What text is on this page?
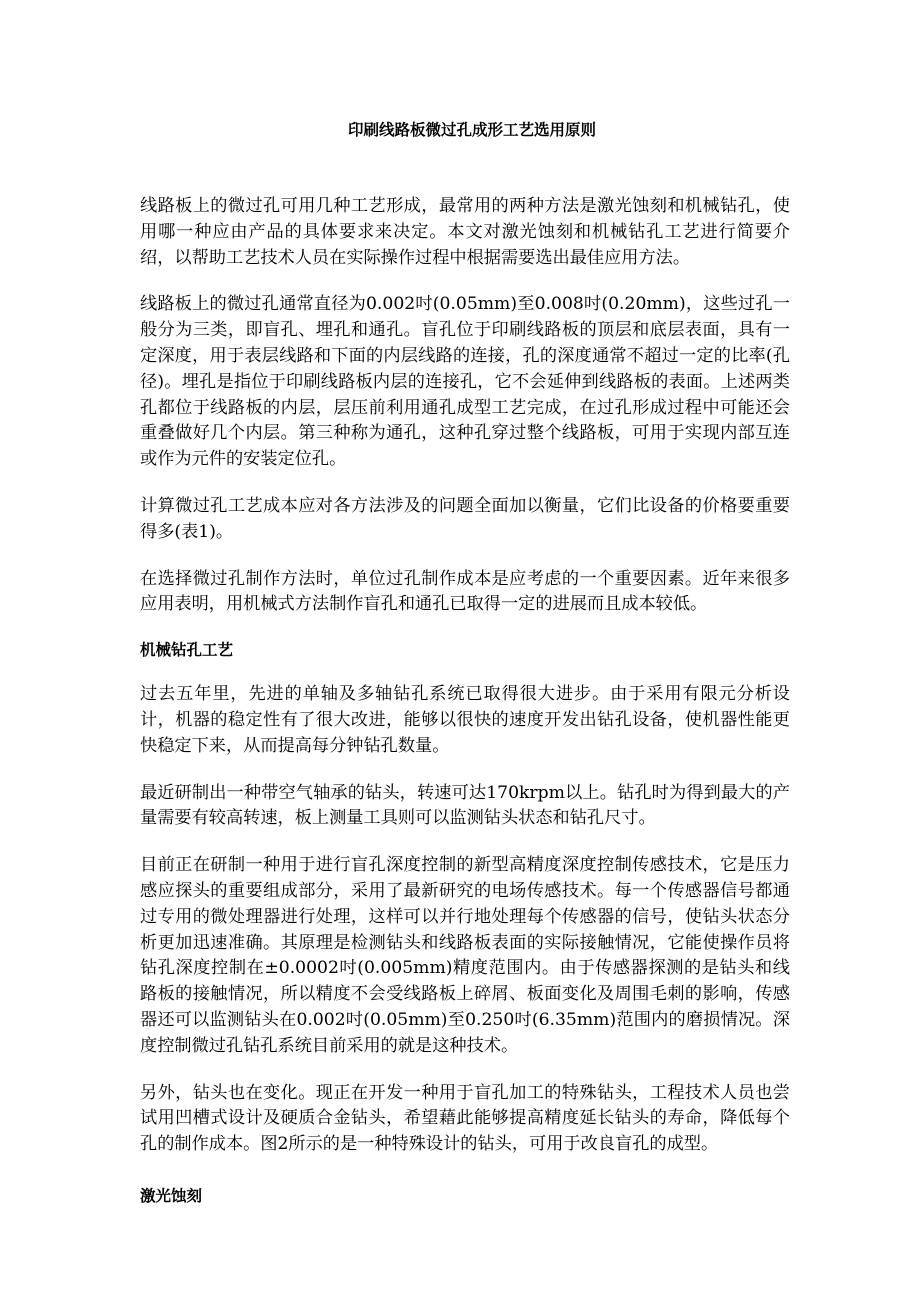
印刷线路板微过孔成形工艺选用原则

线路板上的微过孔可用几种工艺形成，最常用的两种方法是激光蚀刻和机械钻孔，使用哪一种应由产品的具体要求来决定。本文对激光蚀刻和机械钻孔工艺进行简要介绍，以帮助工艺技术人员在实际操作过程中根据需要选出最佳应用方法。

线路板上的微过孔通常直径为0.002吋(0.05mm)至0.008吋(0.20mm)，这些过孔一般分为三类，即盲孔、埋孔和通孔。盲孔位于印刷线路板的顶层和底层表面，具有一定深度，用于表层线路和下面的内层线路的连接，孔的深度通常不超过一定的比率(孔径)。埋孔是指位于印刷线路板内层的连接孔，它不会延伸到线路板的表面。上述两类孔都位于线路板的内层，层压前利用通孔成型工艺完成，在过孔形成过程中可能还会重叠做好几个内层。第三种称为通孔，这种孔穿过整个线路板，可用于实现内部互连或作为元件的安装定位孔。

计算微过孔工艺成本应对各方法涉及的问题全面加以衡量，它们比设备的价格要重要得多(表1)。

在选择微过孔制作方法时，单位过孔制作成本是应考虑的一个重要因素。近年来很多应用表明，用机械式方法制作盲孔和通孔已取得一定的进展而且成本较低。

机械钻孔工艺

过去五年里，先进的单轴及多轴钻孔系统已取得很大进步。由于采用有限元分析设计，机器的稳定性有了很大改进，能够以很快的速度开发出钻孔设备，使机器性能更快稳定下来，从而提高每分钟钻孔数量。

最近研制出一种带空气轴承的钻头，转速可达170krpm以上。钻孔时为得到最大的产量需要有较高转速，板上测量工具则可以监测钻头状态和钻孔尺寸。

目前正在研制一种用于进行盲孔深度控制的新型高精度深度控制传感技术，它是压力感应探头的重要组成部分，采用了最新研究的电场传感技术。每一个传感器信号都通过专用的微处理器进行处理，这样可以并行地处理每个传感器的信号，使钻头状态分析更加迅速准确。其原理是检测钻头和线路板表面的实际接触情况，它能使操作员将钻孔深度控制在±0.0002吋(0.005mm)精度范围内。由于传感器探测的是钻头和线路板的接触情况，所以精度不会受线路板上碎屑、板面变化及周围毛刺的影响，传感器还可以监测钻头在0.002吋(0.05mm)至0.250吋(6.35mm)范围内的磨损情况。深度控制微过孔钻孔系统目前采用的就是这种技术。

另外，钻头也在变化。现正在开发一种用于盲孔加工的特殊钻头，工程技术人员也尝试用凹槽式设计及硬质合金钻头，希望藉此能够提高精度延长钻头的寿命，降低每个孔的制作成本。图2所示的是一种特殊设计的钻头，可用于改良盲孔的成型。

激光蚀刻
